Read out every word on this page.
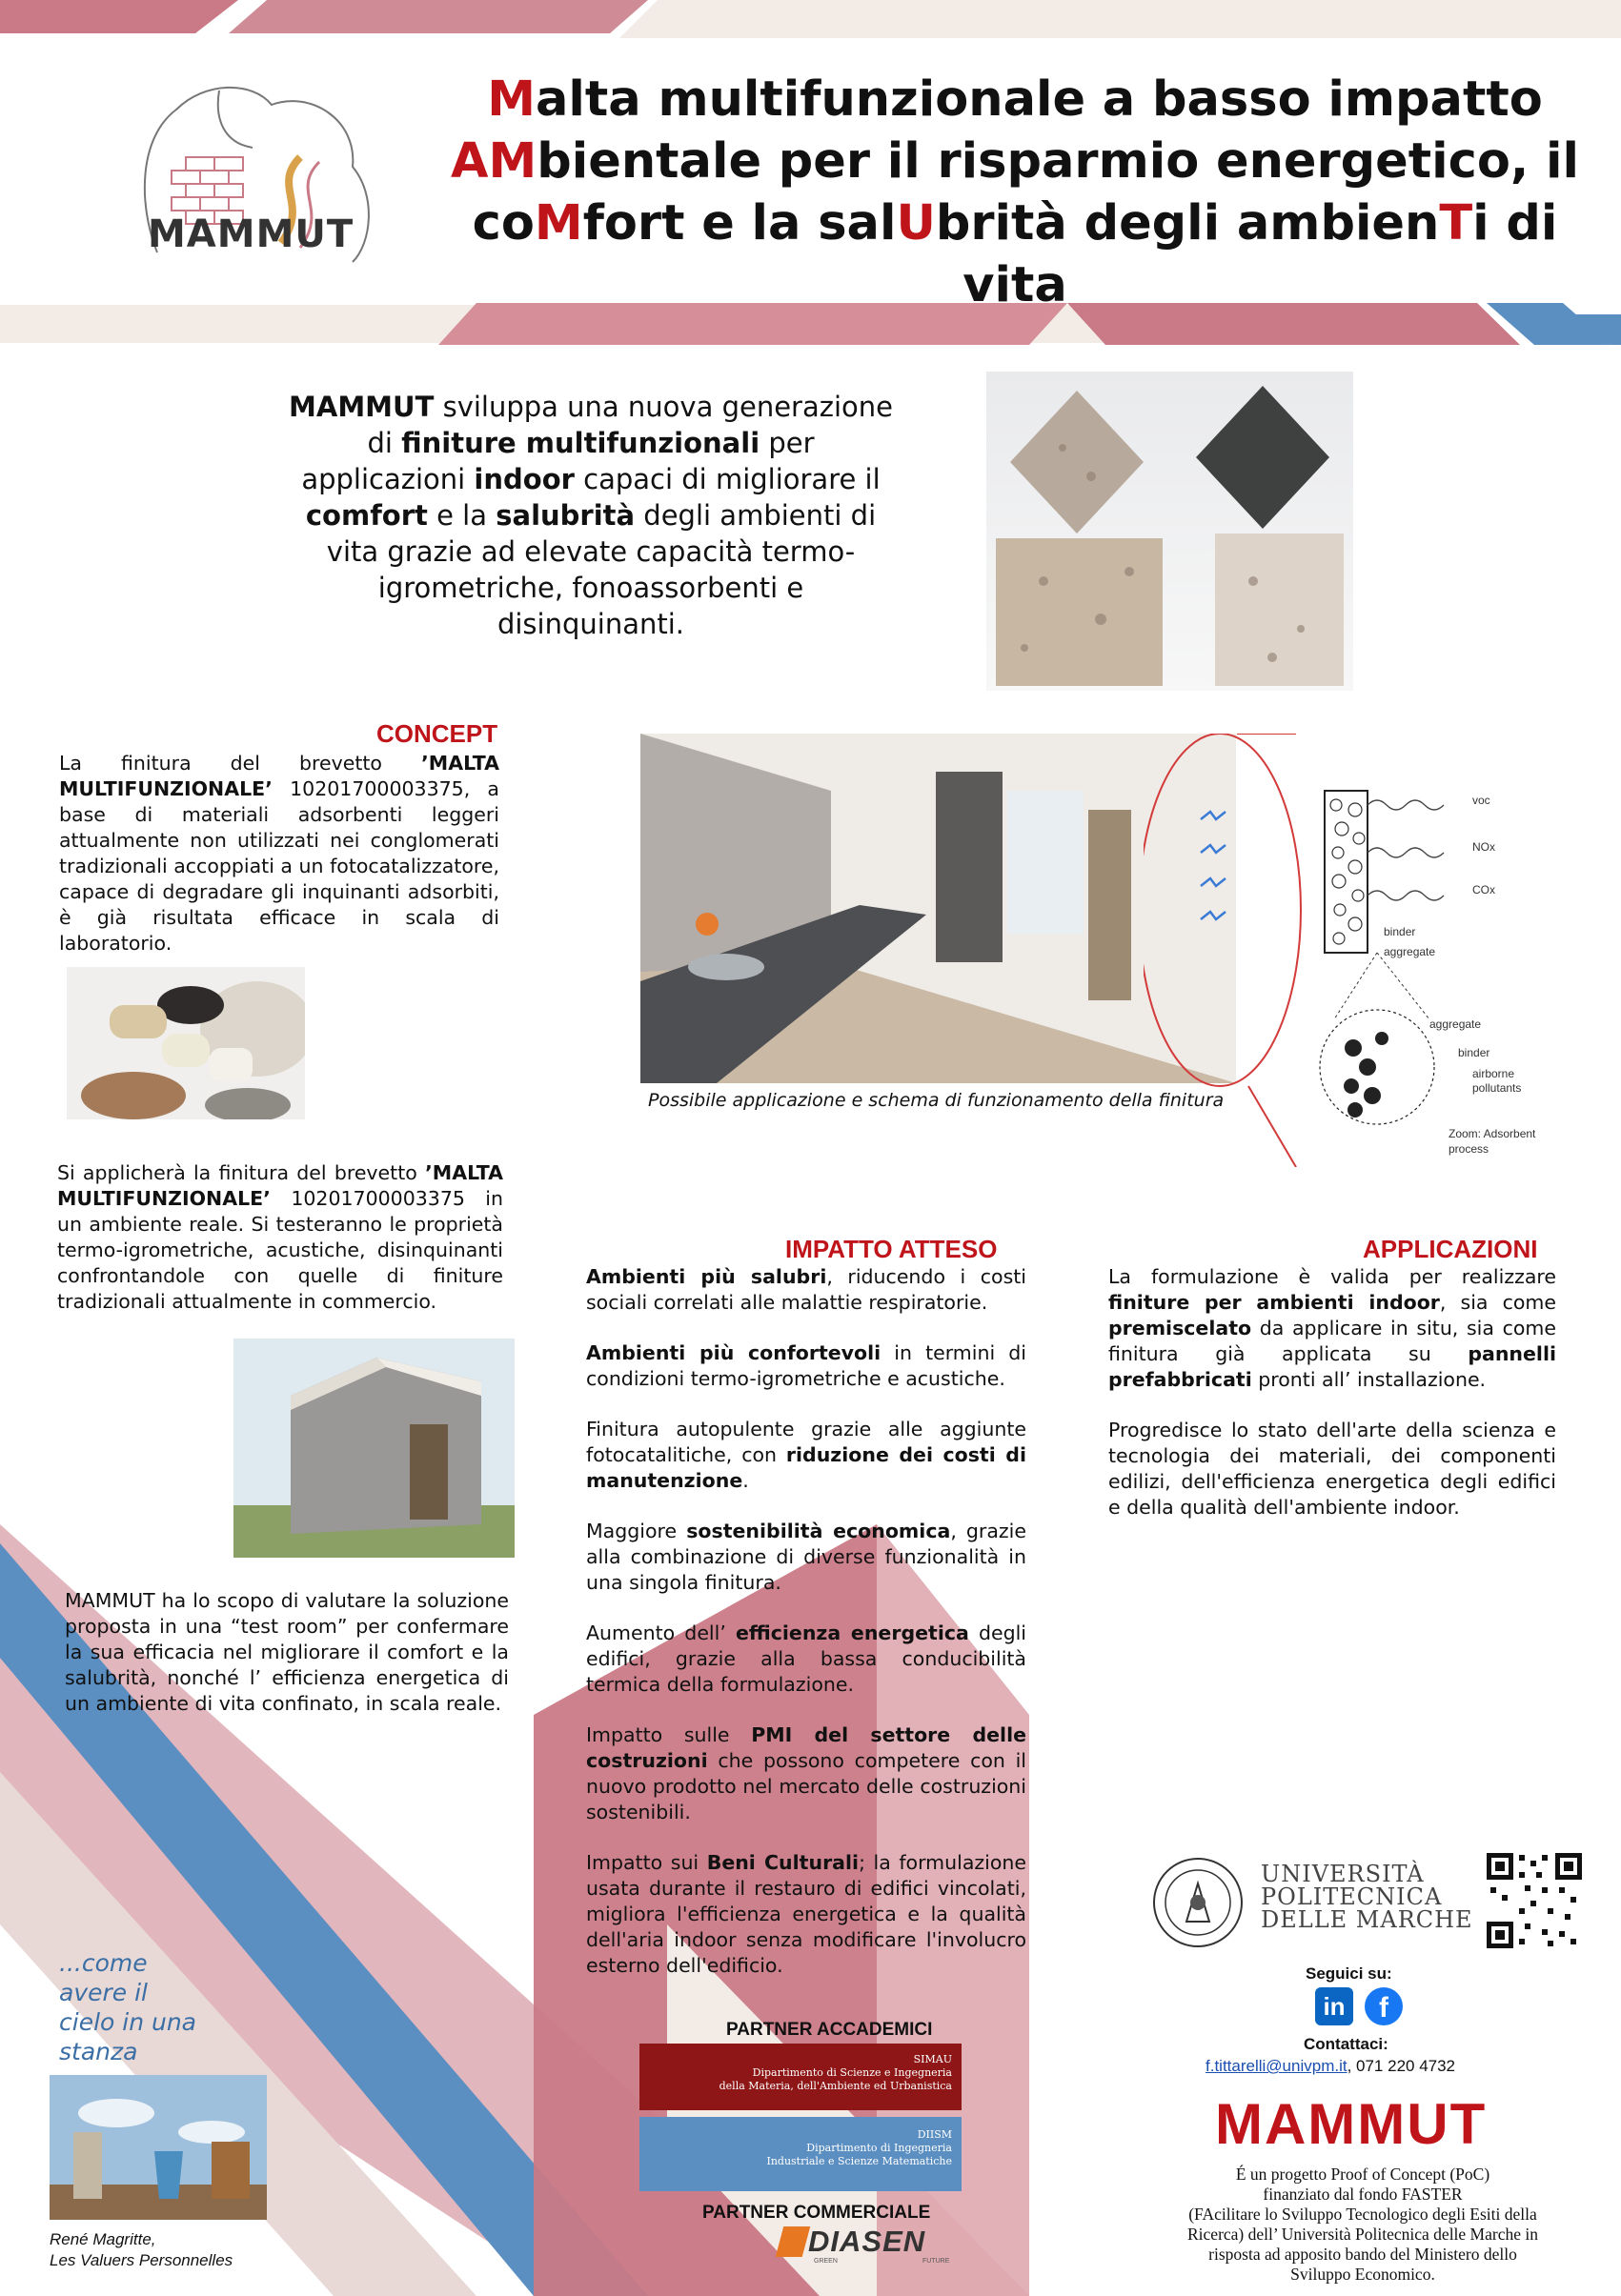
MAMMUT
Malta multifunzionale a basso impatto
AMbientale per il risparmio energetico, il
coMfort e la salUbrità degli ambienTi di
vita
MAMMUT sviluppa una nuova generazione di finiture multifunzionali per applicazioni indoor capaci di migliorare il comfort e la salubrità degli ambienti di vita grazie ad elevate capacità termo-igrometriche, fonoassorbenti e disinquinanti.
CONCEPT
La finitura del brevetto ’MALTA MULTIFUNZIONALE’ 10201700003375, a base di materiali adsorbenti leggeri attualmente non utilizzati nei conglomerati tradizionali accoppiati a un fotocatalizzatore, capace di degradare gli inquinanti adsorbiti, è già risultata efficace in scala di laboratorio.
voc
NOx
COx
binder
aggregate
aggregate
binder
airborne
pollutants
Zoom: Adsorbent
process
Possibile applicazione e schema di funzionamento della finitura
Si applicherà la finitura del brevetto ’MALTA MULTIFUNZIONALE’ 10201700003375 in un ambiente reale. Si testeranno le proprietà termo-igrometriche, acustiche, disinquinanti confrontandole con quelle di finiture tradizionali attualmente in commercio.
MAMMUT ha lo scopo di valutare la soluzione proposta in una “test room” per confermare la sua efficacia nel migliorare il comfort e la salubrità, nonché l’ efficienza energetica di un ambiente di vita confinato, in scala reale.
IMPATTO ATTESO

Ambienti più salubri, riducendo i costi sociali correlati alle malattie respiratorie.

Ambienti più confortevoli in termini di condizioni termo-igrometriche e acustiche.

Finitura autopulente grazie alle aggiunte fotocatalitiche, con riduzione dei costi di manutenzione.

Maggiore sostenibilità economica, grazie alla combinazione di diverse funzionalità in una singola finitura.

Aumento dell’ efficienza energetica degli edifici, grazie alla bassa conducibilità termica della formulazione.

Impatto sulle PMI del settore delle costruzioni che possono competere con il nuovo prodotto nel mercato delle costruzioni sostenibili.

Impatto sui Beni Culturali; la formulazione usata durante il restauro di edifici vincolati, migliora l'efficienza energetica e la qualità dell'aria indoor senza modificare l'involucro esterno dell'edificio.

APPLICAZIONI

La formulazione è valida per realizzare finiture per ambienti indoor, sia come premiscelato da applicare in situ, sia come finitura già applicata su pannelli prefabbricati pronti all’ installazione.

Progredisce lo stato dell'arte della scienza e tecnologia dei materiali, dei componenti edilizi, dell'efficienza energetica degli edifici e della qualità dell'ambiente indoor.

...come
avere il
cielo in una
stanza
René Magritte,
Les Valuers Personnelles
PARTNER ACCADEMICI
SIMAU
Dipartimento di Scienze e Ingegneria
della Materia, dell'Ambiente ed Urbanistica
DIISM
Dipartimento di Ingegneria
Industriale e Scienze Matematiche
PARTNER COMMERCIALE
DIASEN
GREEN	FUTURE
UNIVERSITÀ
POLITECNICA
DELLE MARCHE
Seguici su:
in	f
Contattaci:
f.tittarelli@univpm.it, 071 220 4732
MAMMUT
É un progetto Proof of Concept (PoC)
finanziato dal fondo FASTER
(FAcilitare lo Sviluppo Tecnologico degli Esiti della
Ricerca) dell’ Università Politecnica delle Marche in
risposta ad apposito bando del Ministero dello
Sviluppo Economico.
